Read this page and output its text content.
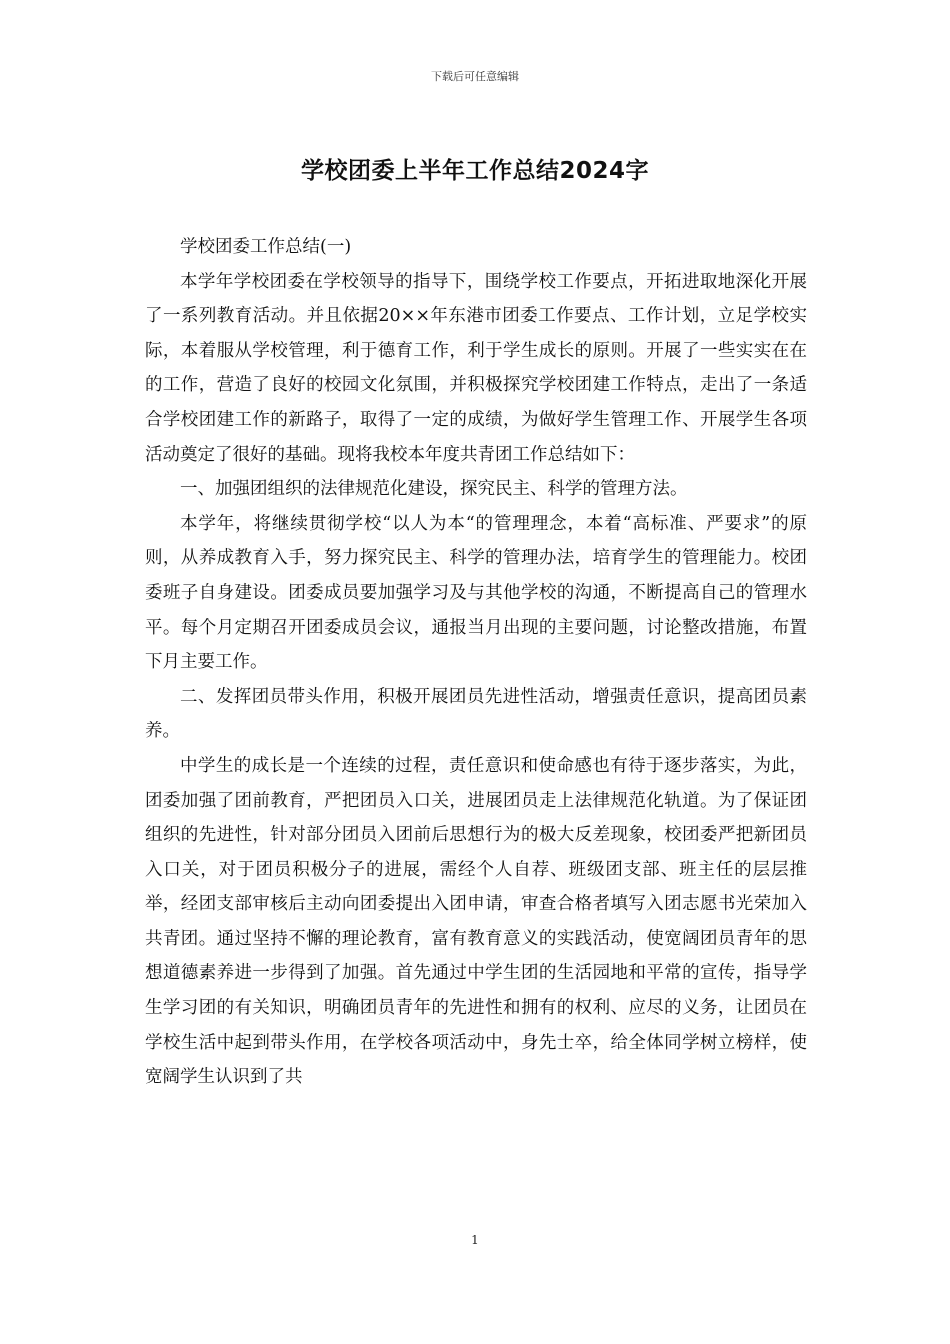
下载后可任意编辑
学校团委上半年工作总结2024字

学校团委工作总结(一)

本学年学校团委在学校领导的指导下，围绕学校工作要点，开拓进取地深化开展了一系列教育活动。并且依据20××年东港市团委工作要点、工作计划，立足学校实际，本着服从学校管理，利于德育工作，利于学生成长的原则。开展了一些实实在在的工作，营造了良好的校园文化氛围，并积极探究学校团建工作特点，走出了一条适合学校团建工作的新路子，取得了一定的成绩，为做好学生管理工作、开展学生各项活动奠定了很好的基础。现将我校本年度共青团工作总结如下：

一、加强团组织的法律规范化建设，探究民主、科学的管理方法。

本学年，将继续贯彻学校“以人为本“的管理理念，本着“高标准、严要求”的原则，从养成教育入手，努力探究民主、科学的管理办法，培育学生的管理能力。校团委班子自身建设。团委成员要加强学习及与其他学校的沟通，不断提高自己的管理水平。每个月定期召开团委成员会议，通报当月出现的主要问题，讨论整改措施，布置下月主要工作。

二、发挥团员带头作用，积极开展团员先进性活动，增强责任意识，提高团员素养。

中学生的成长是一个连续的过程，责任意识和使命感也有待于逐步落实，为此，团委加强了团前教育，严把团员入口关，进展团员走上法律规范化轨道。为了保证团组织的先进性，针对部分团员入团前后思想行为的极大反差现象，校团委严把新团员入口关，对于团员积极分子的进展，需经个人自荐、班级团支部、班主任的层层推举，经团支部审核后主动向团委提出入团申请，审查合格者填写入团志愿书光荣加入共青团。通过坚持不懈的理论教育，富有教育意义的实践活动，使宽阔团员青年的思想道德素养进一步得到了加强。首先通过中学生团的生活园地和平常的宣传，指导学生学习团的有关知识，明确团员青年的先进性和拥有的权利、应尽的义务，让团员在学校生活中起到带头作用，在学校各项活动中，身先士卒，给全体同学树立榜样，使宽阔学生认识到了共

1
